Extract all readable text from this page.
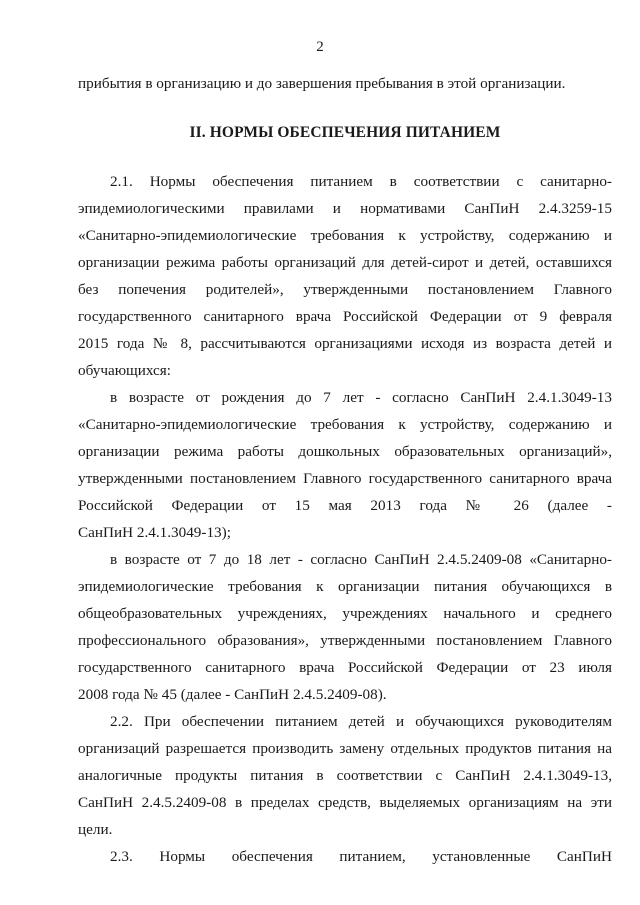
2
прибытия в организацию и до завершения пребывания в этой организации.
II. НОРМЫ ОБЕСПЕЧЕНИЯ ПИТАНИЕМ
2.1. Нормы обеспечения питанием в соответствии с санитарно-
эпидемиологическими правилами и нормативами СанПиН 2.4.3259-15
«Санитарно-эпидемиологические требования к устройству, содержанию и
организации режима работы организаций для детей-сирот и детей, оставшихся
без попечения родителей», утвержденными постановлением Главного
государственного санитарного врача Российской Федерации от 9 февраля
2015 года № 8, рассчитываются организациями исходя из возраста детей и
обучающихся:
в возрасте от рождения до 7 лет - согласно СанПиН 2.4.1.3049-13
«Санитарно-эпидемиологические требования к устройству, содержанию и
организации режима работы дошкольных образовательных организаций»,
утвержденными постановлением Главного государственного санитарного врача
Российской Федерации от 15 мая 2013 года № 26 (далее -
СанПиН 2.4.1.3049-13);
в возрасте от 7 до 18 лет - согласно СанПиН 2.4.5.2409-08 «Санитарно-
эпидемиологические требования к организации питания обучающихся в
общеобразовательных учреждениях, учреждениях начального и среднего
профессионального образования», утвержденными постановлением Главного
государственного санитарного врача Российской Федерации от 23 июля
2008 года № 45 (далее - СанПиН 2.4.5.2409-08).
2.2. При обеспечении питанием детей и обучающихся руководителям
организаций разрешается производить замену отдельных продуктов питания на
аналогичные продукты питания в соответствии с СанПиН 2.4.1.3049-13,
СанПиН 2.4.5.2409-08 в пределах средств, выделяемых организациям на эти
цели.
2.3. Нормы обеспечения питанием, установленные СанПиН
